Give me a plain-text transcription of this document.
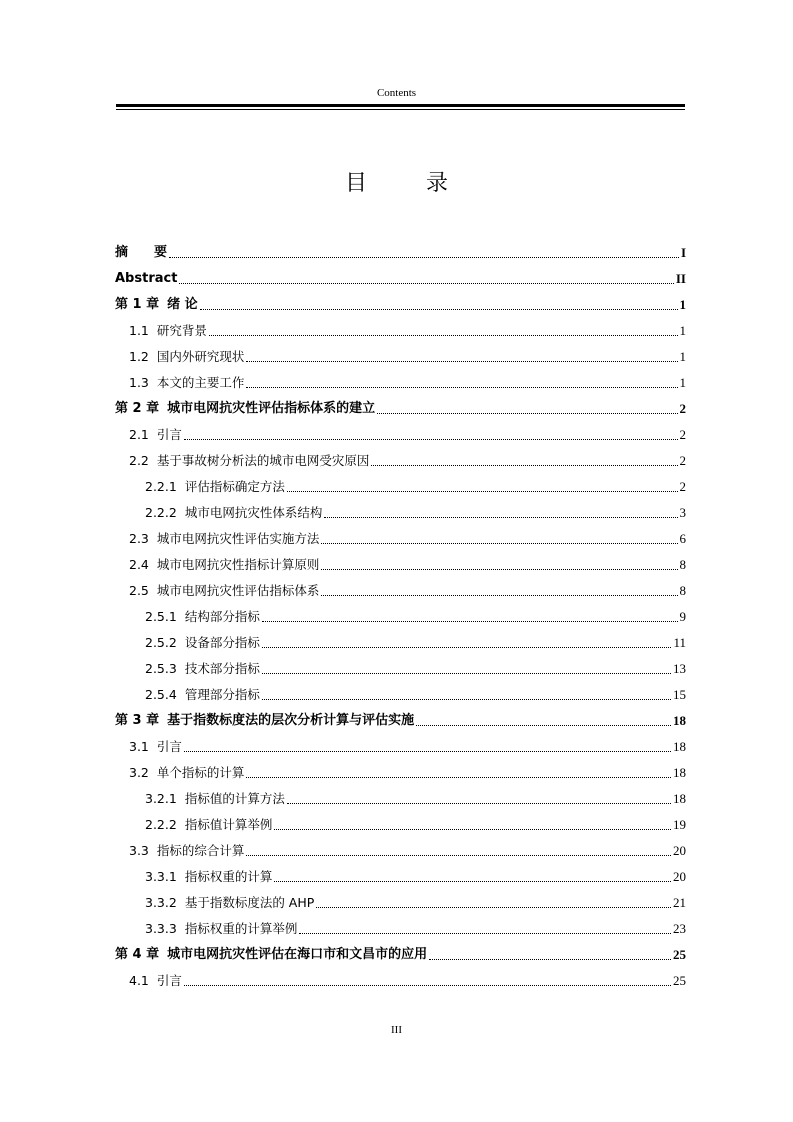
Contents
目 录
摘　　要	I
Abstract	II
第 1 章 绪 论	1
1.1 研究背景	1
1.2 国内外研究现状	1
1.3 本文的主要工作	1
第 2 章 城市电网抗灾性评估指标体系的建立	2
2.1 引言	2
2.2 基于事故树分析法的城市电网受灾原因	2
2.2.1 评估指标确定方法	2
2.2.2 城市电网抗灾性体系结构	3
2.3 城市电网抗灾性评估实施方法	6
2.4 城市电网抗灾性指标计算原则	8
2.5 城市电网抗灾性评估指标体系	8
2.5.1 结构部分指标	9
2.5.2 设备部分指标	11
2.5.3 技术部分指标	13
2.5.4 管理部分指标	15
第 3 章 基于指数标度法的层次分析计算与评估实施	18
3.1 引言	18
3.2 单个指标的计算	18
3.2.1 指标值的计算方法	18
2.2.2 指标值计算举例	19
3.3 指标的综合计算	20
3.3.1 指标权重的计算	20
3.3.2 基于指数标度法的 AHP	21
3.3.3 指标权重的计算举例	23
第 4 章 城市电网抗灾性评估在海口市和文昌市的应用	25
4.1 引言	25
III
